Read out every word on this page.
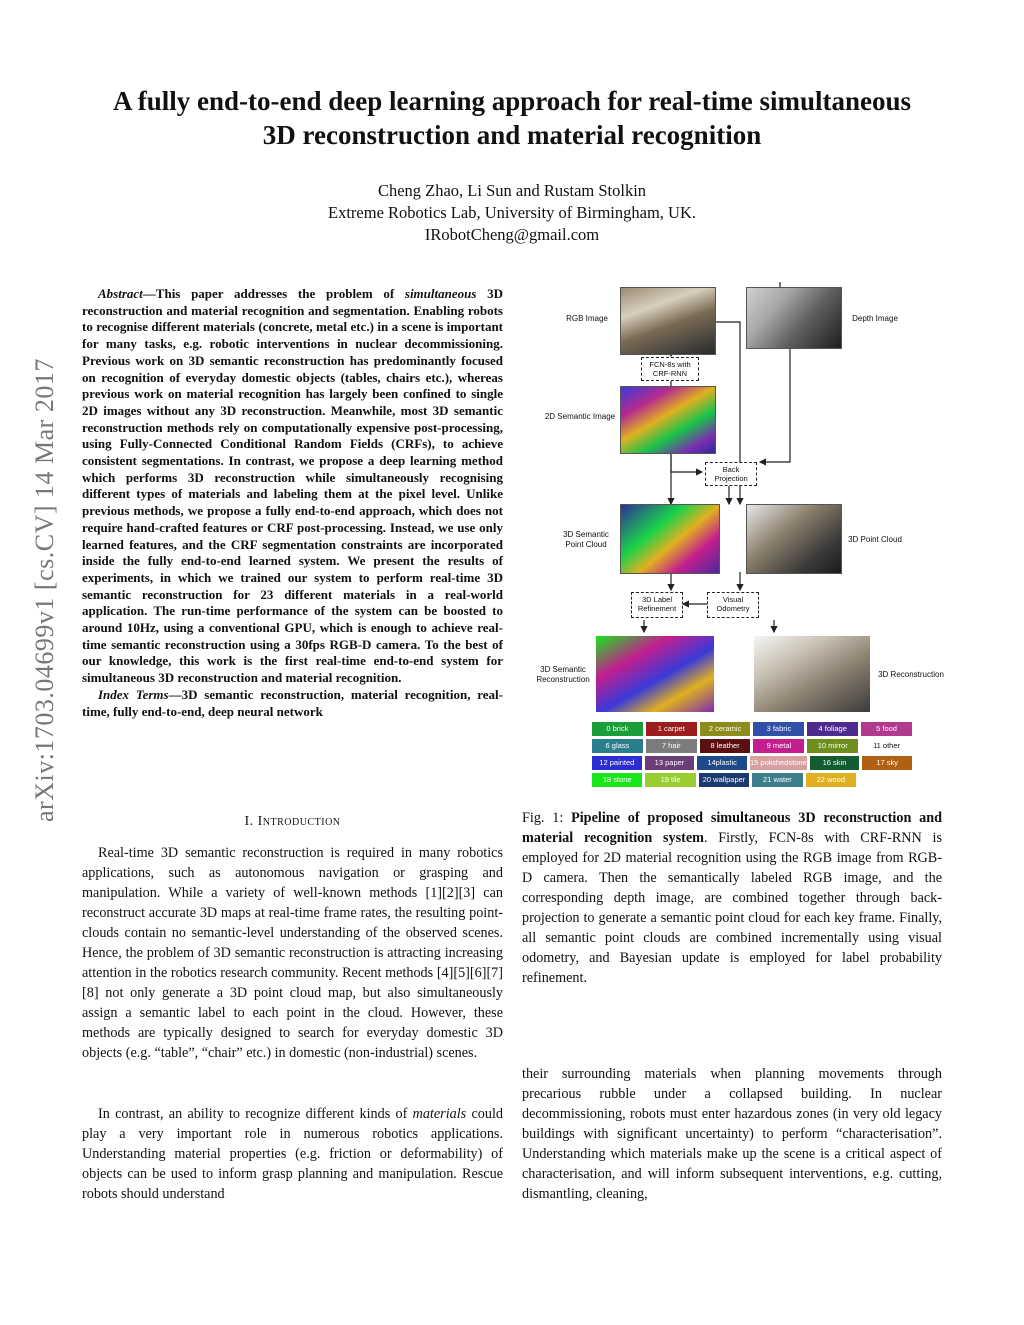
arXiv:1703.04699v1 [cs.CV] 14 Mar 2017
A fully end-to-end deep learning approach for real-time simultaneous 3D reconstruction and material recognition
Cheng Zhao, Li Sun and Rustam Stolkin
Extreme Robotics Lab, University of Birmingham, UK.
IRobotCheng@gmail.com

Abstract—This paper addresses the problem of simultaneous 3D reconstruction and material recognition and segmentation. Enabling robots to recognise different materials (concrete, metal etc.) in a scene is important for many tasks, e.g. robotic interventions in nuclear decommissioning. Previous work on 3D semantic reconstruction has predominantly focused on recognition of everyday domestic objects (tables, chairs etc.), whereas previous work on material recognition has largely been confined to single 2D images without any 3D reconstruction. Meanwhile, most 3D semantic reconstruction methods rely on computationally expensive post-processing, using Fully-Connected Conditional Random Fields (CRFs), to achieve consistent segmentations. In contrast, we propose a deep learning method which performs 3D reconstruction while simultaneously recognising different types of materials and labeling them at the pixel level. Unlike previous methods, we propose a fully end-to-end approach, which does not require hand-crafted features or CRF post-processing. Instead, we use only learned features, and the CRF segmentation constraints are incorporated inside the fully end-to-end learned system. We present the results of experiments, in which we trained our system to perform real-time 3D semantic reconstruction for 23 different materials in a real-world application. The run-time performance of the system can be boosted to around 10Hz, using a conventional GPU, which is enough to achieve real-time semantic reconstruction using a 30fps RGB-D camera. To the best of our knowledge, this work is the first real-time end-to-end system for simultaneous 3D reconstruction and material recognition.

Index Terms—3D semantic reconstruction, material recognition, real-time, fully end-to-end, deep neural network

I. Introduction
Real-time 3D semantic reconstruction is required in many robotics applications, such as autonomous navigation or grasping and manipulation. While a variety of well-known methods [1][2][3] can reconstruct accurate 3D maps at real-time frame rates, the resulting point-clouds contain no semantic-level understanding of the observed scenes. Hence, the problem of 3D semantic reconstruction is attracting increasing attention in the robotics research community. Recent methods [4][5][6][7][8] not only generate a 3D point cloud map, but also simultaneously assign a semantic label to each point in the cloud. However, these methods are typically designed to search for everyday domestic 3D objects (e.g. “table”, “chair” etc.) in domestic (non-industrial) scenes.
In contrast, an ability to recognize different kinds of materials could play a very important role in numerous robotics applications. Understanding material properties (e.g. friction or deformability) of objects can be used to inform grasp planning and manipulation. Rescue robots should understand
RGB Image	Depth Image
2D Semantic Image
3D Semantic Point Cloud
3D Point Cloud
3D Semantic Reconstruction
3D Reconstruction
FCN-8s with CRF-RNN
Back Projection
3D Label Refinement
Visual Odometry
0 brick	1 carpet	2 ceramic	3 fabric	4 foliage	5 food
6 glass	7 hair	8 leather	9 metal	10 mirror	11 other
12 painted	13 paper	14plastic	15 polishedstone	16 skin	17 sky
18 stone	19 tile	20 wallpaper	21 water	22 wood
Fig. 1: Pipeline of proposed simultaneous 3D reconstruction and material recognition system. Firstly, FCN-8s with CRF-RNN is employed for 2D material recognition using the RGB image from RGB-D camera. Then the semantically labeled RGB image, and the corresponding depth image, are combined together through back-projection to generate a semantic point cloud for each key frame. Finally, all semantic point clouds are combined incrementally using visual odometry, and Bayesian update is employed for label probability refinement.
their surrounding materials when planning movements through precarious rubble under a collapsed building. In nuclear decommissioning, robots must enter hazardous zones (in very old legacy buildings with significant uncertainty) to perform “characterisation”. Understanding which materials make up the scene is a critical aspect of characterisation, and will inform subsequent interventions, e.g. cutting, dismantling, cleaning,
